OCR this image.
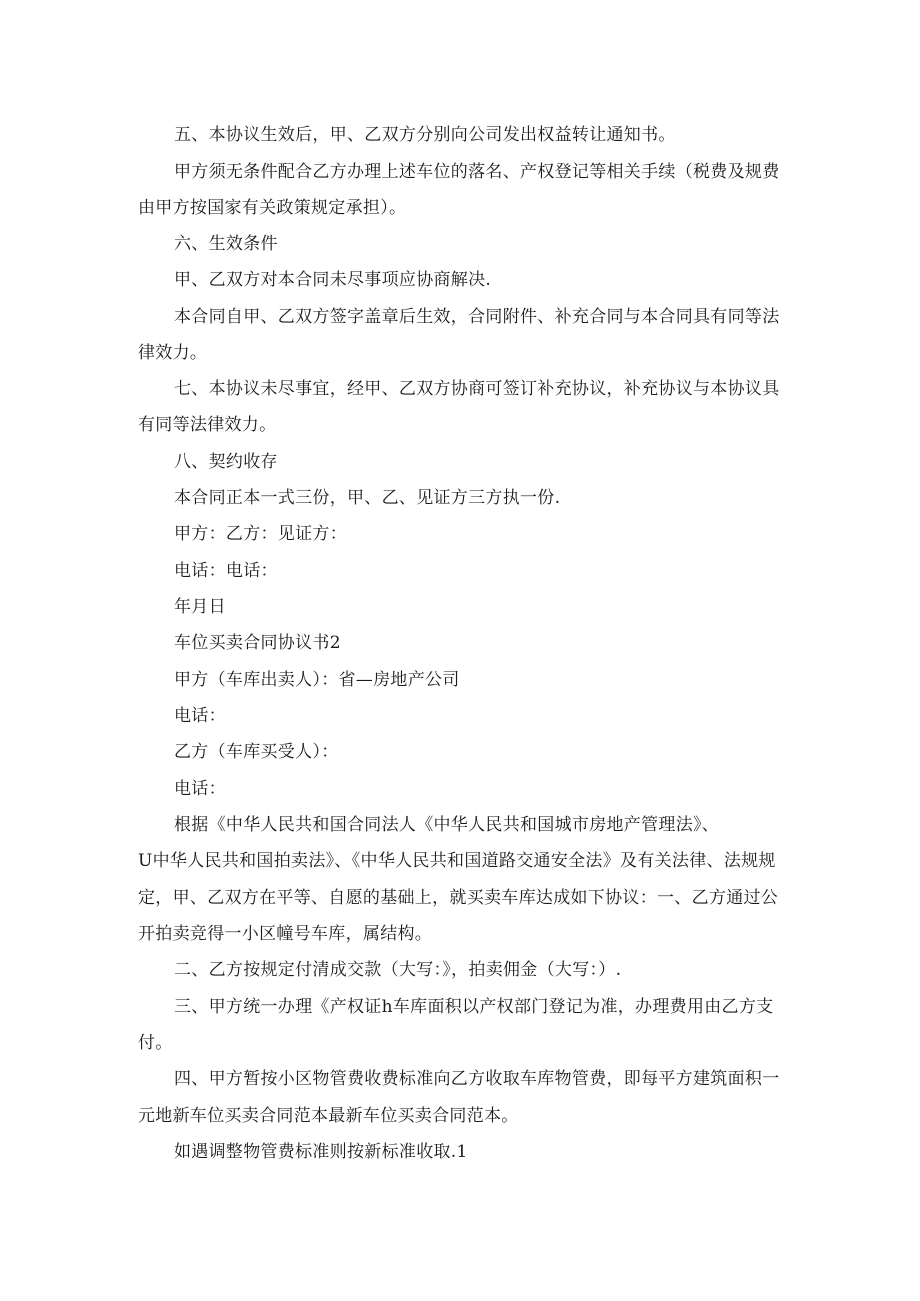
五、本协议生效后，甲、乙双方分别向公司发出权益转让通知书。
甲方须无条件配合乙方办理上述车位的落名、产权登记等相关手续（税费及规费
由甲方按国家有关政策规定承担）。
六、生效条件
甲、乙双方对本合同未尽事项应协商解决.
本合同自甲、乙双方签字盖章后生效，合同附件、补充合同与本合同具有同等法
律效力。
七、本协议未尽事宜，经甲、乙双方协商可签订补充协议，补充协议与本协议具
有同等法律效力。
八、契约收存
本合同正本一式三份，甲、乙、见证方三方执一份.
甲方：乙方：见证方：
电话：电话：
年月日
车位买卖合同协议书2
甲方（车库出卖人）：省—房地产公司
电话：
乙方（车库买受人）：
电话：
根据《中华人民共和国合同法人《中华人民共和国城市房地产管理法》、
U中华人民共和国拍卖法》、《中华人民共和国道路交通安全法》及有关法律、法规规
定，甲、乙双方在平等、自愿的基础上，就买卖车库达成如下协议：一、乙方通过公
开拍卖竞得一小区幢号车库，属结构。
二、乙方按规定付清成交款（大写：》，拍卖佣金（大写：）.
三、甲方统一办理《产权证h车库面积以产权部门登记为准，办理费用由乙方支
付。
四、甲方暂按小区物管费收费标准向乙方收取车库物管费，即每平方建筑面积一
元地新车位买卖合同范本最新车位买卖合同范本。
如遇调整物管费标准则按新标准收取.1
